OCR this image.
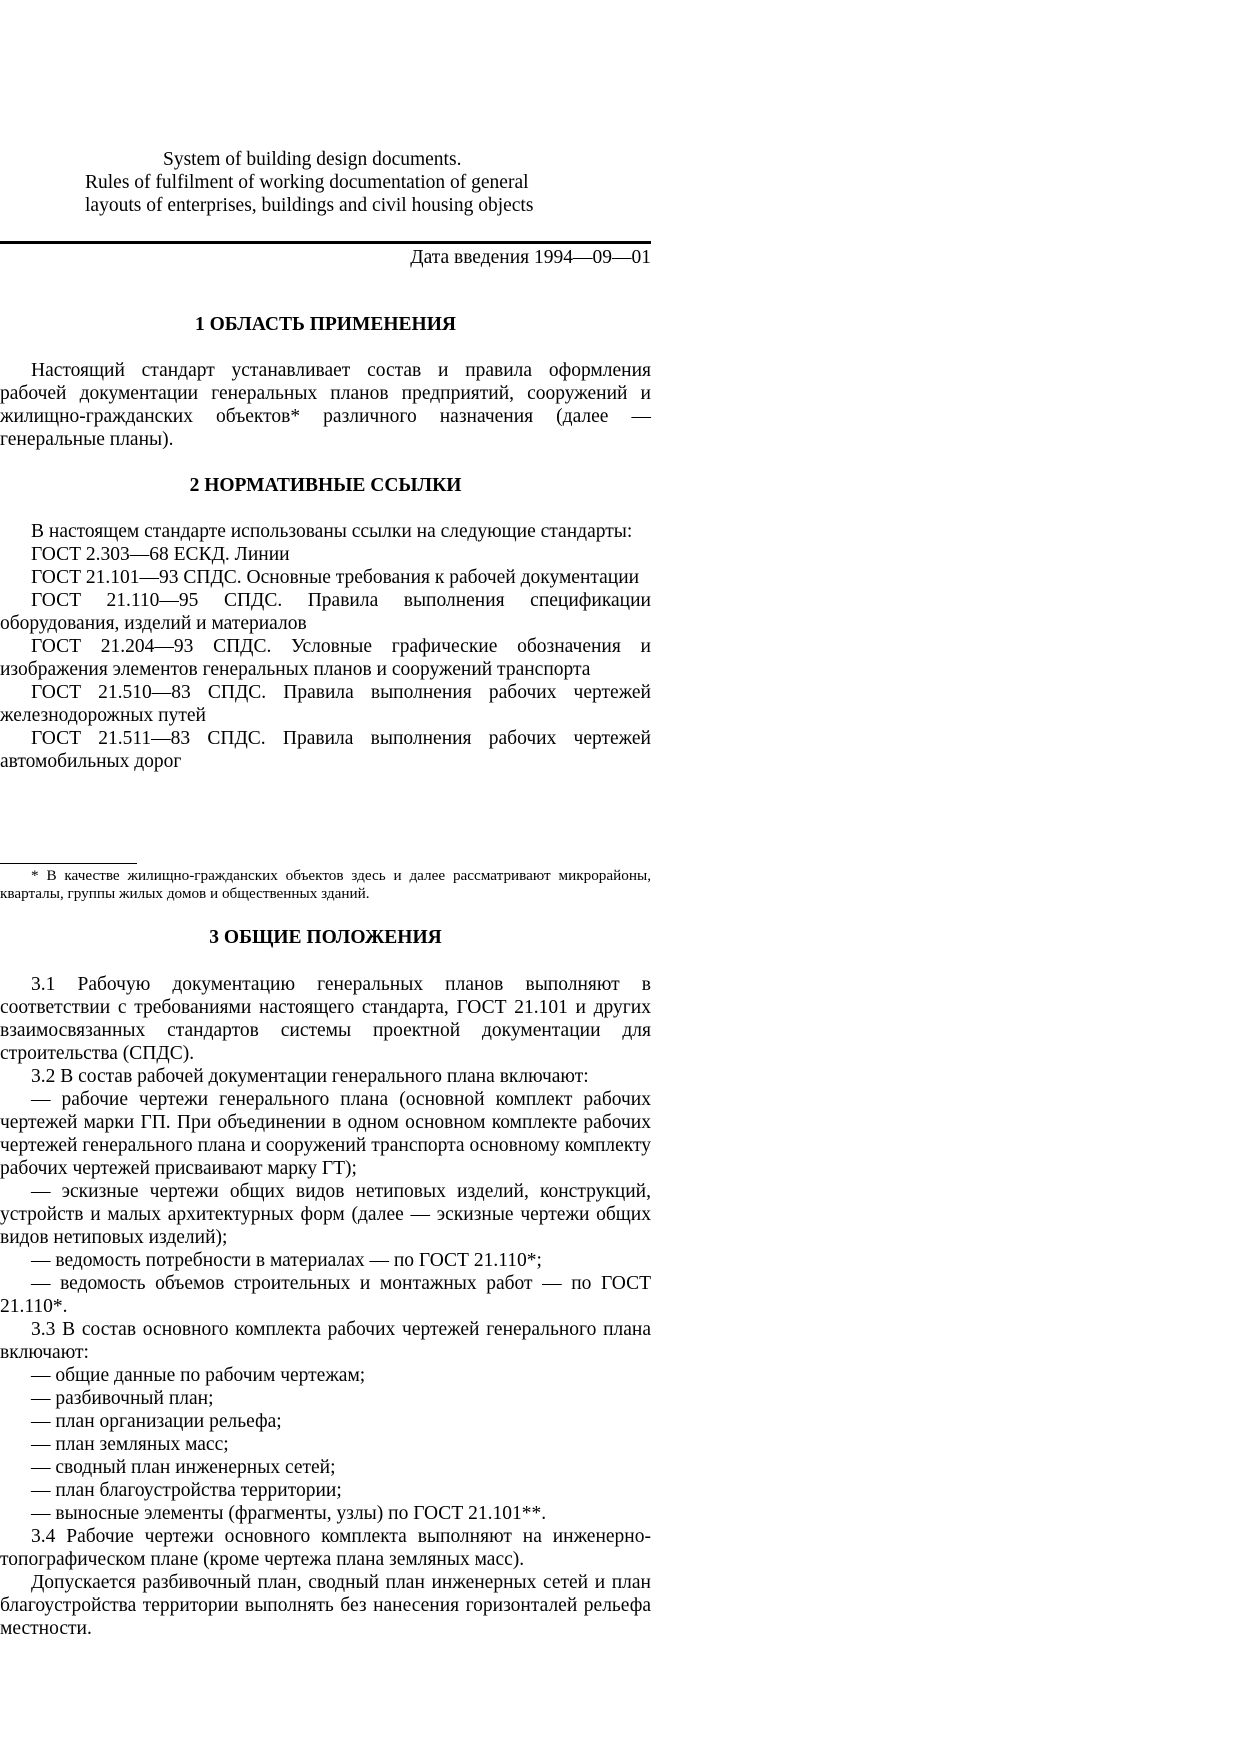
System of building design documents.
Rules of fulfilment of working documentation of general
layouts of enterprises, buildings and civil housing objects
Дата введения 1994—09—01
1 ОБЛАСТЬ ПРИМЕНЕНИЯ

Настоящий стандарт устанавливает состав и правила оформления рабочей документации генеральных планов предприятий, сооружений и жилищно-гражданских объектов* различного назначения (далее — генеральные планы).

2 НОРМАТИВНЫЕ ССЫЛКИ

В настоящем стандарте использованы ссылки на следующие стандарты:

ГОСТ 2.303—68 ЕСКД. Линии

ГОСТ 21.101—93 СПДС. Основные требования к рабочей документации

ГОСТ 21.110—95 СПДС. Правила выполнения спецификации оборудования, изделий и материалов

ГОСТ 21.204—93 СПДС. Условные графические обозначения и изображения элементов генеральных планов и сооружений транспорта

ГОСТ 21.510—83 СПДС. Правила выполнения рабочих чертежей железнодорожных путей

ГОСТ 21.511—83 СПДС. Правила выполнения рабочих чертежей автомобильных дорог

* В качестве жилищно-гражданских объектов здесь и далее рассматривают микрорайоны, кварталы, группы жилых домов и общественных зданий.

3 ОБЩИЕ ПОЛОЖЕНИЯ

3.1 Рабочую документацию генеральных планов выполняют в соответствии с требованиями настоящего стандарта, ГОСТ 21.101 и других взаимосвязанных стандартов системы проектной документации для строительства (СПДС).

3.2 В состав рабочей документации генерального плана включают:

— рабочие чертежи генерального плана (основной комплект рабочих чертежей марки ГП. При объединении в одном основном комплекте рабочих чертежей генерального плана и сооружений транспорта основному комплекту рабочих чертежей присваивают марку ГТ);

— эскизные чертежи общих видов нетиповых изделий, конструкций, устройств и малых архитектурных форм (далее — эскизные чертежи общих видов нетиповых изделий);

— ведомость потребности в материалах — по ГОСТ 21.110*;

— ведомость объемов строительных и монтажных работ — по ГОСТ 21.110*.

3.3 В состав основного комплекта рабочих чертежей генерального плана включают:

— общие данные по рабочим чертежам;

— разбивочный план;

— план организации рельефа;

— план земляных масс;

— сводный план инженерных сетей;

— план благоустройства территории;

— выносные элементы (фрагменты, узлы) по ГОСТ 21.101**.

3.4 Рабочие чертежи основного комплекта выполняют на инженерно-топографическом плане (кроме чертежа плана земляных масс).

Допускается разбивочный план, сводный план инженерных сетей и план благоустройства территории выполнять без нанесения горизонталей рельефа местности.
